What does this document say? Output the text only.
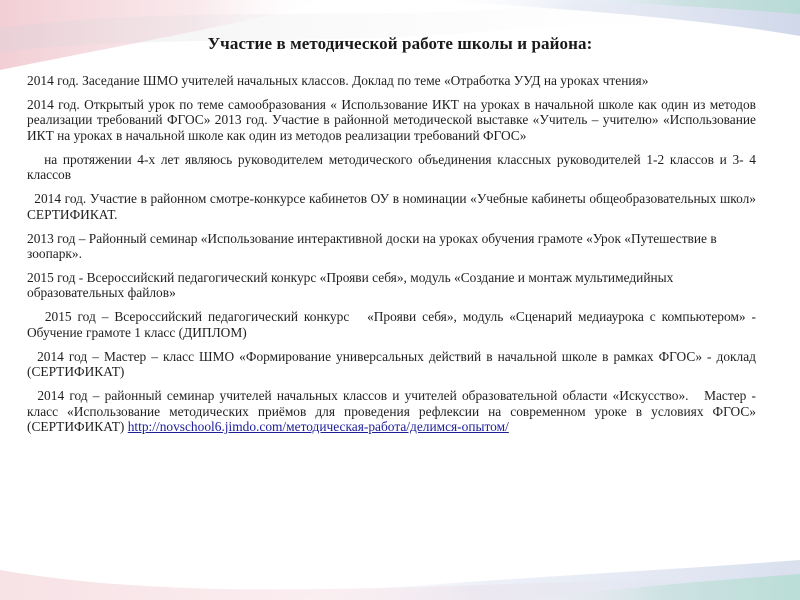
Участие в методической работе школы и района:

2014 год. Заседание ШМО учителей начальных классов. Доклад по теме «Отработка УУД на уроках чтения»

2014 год. Открытый урок по теме самообразования « Использование ИКТ на уроках в начальной школе как один из методов реализации требований ФГОС» 2013 год. Участие в районной методической выставке «Учитель – учителю» «Использование ИКТ на уроках в начальной школе как один из методов реализации требований ФГОС»

на протяжении 4-х лет являюсь руководителем методического объединения классных руководителей 1-2 классов и 3- 4 классов

2014 год. Участие в районном смотре-конкурсе кабинетов ОУ в номинации «Учебные кабинеты общеобразовательных школ» СЕРТИФИКАТ.

2013 год – Районный семинар «Использование интерактивной доски на уроках обучения грамоте «Урок «Путешествие в зоопарк».

2015 год - Всероссийский педагогический конкурс «Прояви себя», модуль «Создание и монтаж мультимедийных образовательных файлов»

2015 год – Всероссийский педагогический конкурс   «Прояви себя», модуль «Сценарий медиаурока с компьютером» - Обучение грамоте 1 класс (ДИПЛОМ)

2014 год – Мастер – класс ШМО «Формирование универсальных действий в начальной школе в рамках ФГОС» - доклад (СЕРТИФИКАТ)

2014 год – районный семинар учителей начальных классов и учителей образовательной области «Искусство».   Мастер - класс «Использование методических приёмов для проведения рефлексии на современном уроке в условиях ФГОС»   (СЕРТИФИКАТ) http://novschool6.jimdo.com/методическая-работа/делимся-опытом/
